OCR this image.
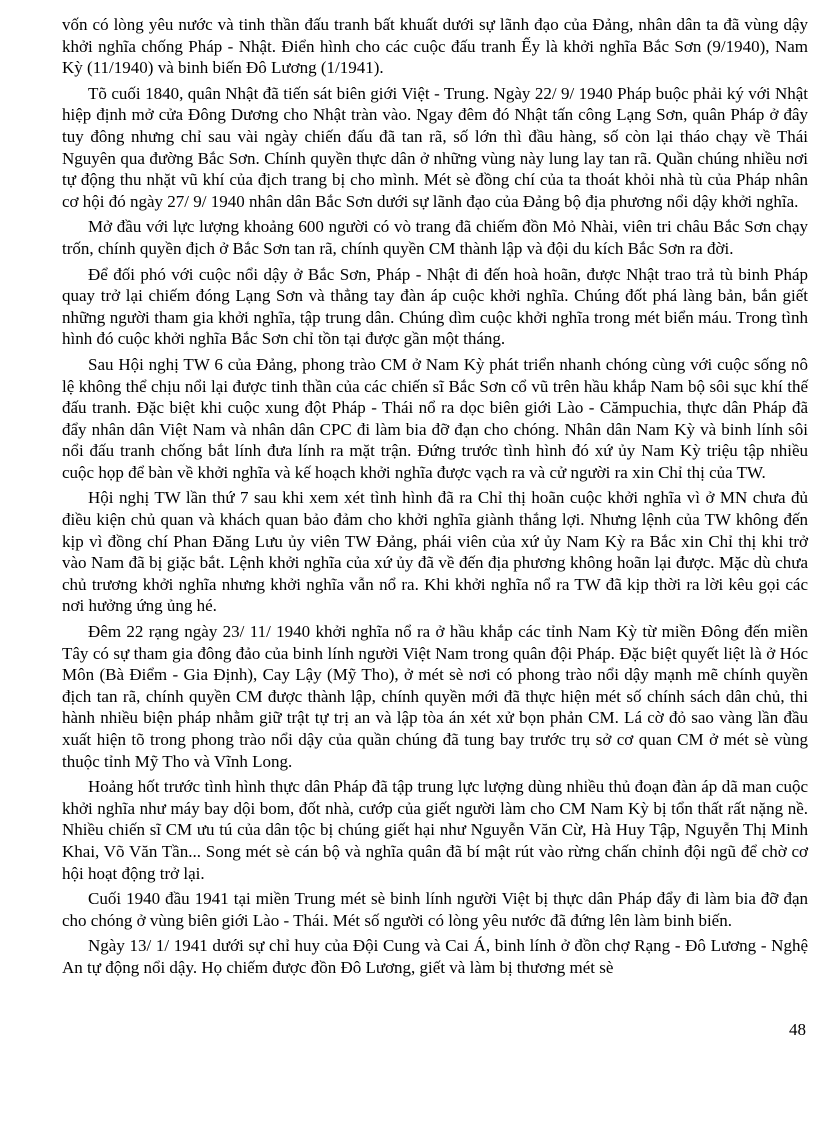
vốn có lòng yêu nước và tinh thần đấu tranh bất khuất dưới sự lãnh đạo của Đảng, nhân dân ta đã vùng dậy khởi nghĩa chống Pháp - Nhật. Điển hình cho các cuộc đấu tranh Ếy là khởi nghĩa Bắc Sơn (9/1940), Nam Kỳ (11/1940) và binh biến Đô Lương (1/1941).

Tõ cuối 1840, quân Nhật đã tiến sát biên giới Việt - Trung. Ngày 22/ 9/ 1940 Pháp buộc phải ký với Nhật hiệp định mở cửa Đông Dương cho Nhật tràn vào. Ngay đêm đó Nhật tấn công Lạng Sơn, quân Pháp ở đây tuy đông nhưng chỉ sau vài ngày chiến đấu đã tan rã, số lớn thì đầu hàng, số còn lại tháo chạy về Thái Nguyên qua đường Bắc Sơn. Chính quyền thực dân ở những vùng này lung lay tan rã. Quần chúng nhiều nơi tự động thu nhặt vũ khí của địch trang bị cho mình. Mét sè đồng chí của ta thoát khỏi nhà tù của Pháp nhân cơ hội đó ngày 27/ 9/ 1940 nhân dân Bắc Sơn dưới sự lãnh đạo của Đảng bộ địa phương nổi dậy khởi nghĩa.

Mở đầu với lực lượng khoảng 600 người có vò trang đã chiếm đồn Mỏ Nhài, viên tri châu Bắc Sơn chạy trốn, chính quyền địch ở Bắc Sơn tan rã, chính quyền CM thành lập và đội du kích Bắc Sơn ra đời.

Để đối phó với cuộc nổi dậy ở Bắc Sơn, Pháp - Nhật đi đến hoà hoãn, được Nhật trao trả tù binh Pháp quay trở lại chiếm đóng Lạng Sơn và thẳng tay đàn áp cuộc khởi nghĩa. Chúng đốt phá làng bản, bắn giết những người tham gia khởi nghĩa, tập trung dân. Chúng dìm cuộc khởi nghĩa trong mét biển máu. Trong tình hình đó cuộc khởi nghĩa Bắc Sơn chỉ tồn tại được gần một tháng.

Sau Hội nghị TW 6 của Đảng, phong trào CM ở Nam Kỳ phát triển nhanh chóng cùng với cuộc sống nô lệ không thể chịu nổi lại được tinh thần của các chiến sĩ Bắc Sơn cổ vũ trên hầu khắp Nam bộ sôi sục khí thế đấu tranh. Đặc biệt khi cuộc xung đột Pháp - Thái nổ ra dọc biên giới Lào - Cămpuchia, thực dân Pháp đã đẩy nhân dân Việt Nam và nhân dân CPC đi làm bia đỡ đạn cho chóng. Nhân dân Nam Kỳ và binh lính sôi nổi đấu tranh chống bắt lính đưa lính ra mặt trận. Đứng trước tình hình đó xứ ủy Nam Kỳ triệu tập nhiều cuộc họp để bàn về khởi nghĩa và kế hoạch khởi nghĩa được vạch ra và cử người ra xin Chỉ thị của TW.

Hội nghị TW lần thứ 7 sau khi xem xét tình hình đã ra Chỉ thị hoãn cuộc khởi nghĩa vì ở MN chưa đủ điều kiện chủ quan và khách quan bảo đảm cho khởi nghĩa giành thắng lợi. Nhưng lệnh của TW không đến kịp vì đồng chí Phan Đăng Lưu ủy viên TW Đảng, phái viên của xứ ủy Nam Kỳ ra Bắc xin Chỉ thị khi trở vào Nam đã bị giặc bắt. Lệnh khởi nghĩa của xứ ủy đã về đến địa phương không hoãn lại được. Mặc dù chưa chủ trương khởi nghĩa nhưng khởi nghĩa vẫn nổ ra. Khi khởi nghĩa nổ ra TW đã kịp thời ra lời kêu gọi các nơi hưởng ứng ủng hé.

Đêm 22 rạng ngày 23/ 11/ 1940 khởi nghĩa nổ ra ở hầu khắp các tỉnh Nam Kỳ từ miền Đông đến miền Tây có sự tham gia đông đảo của binh lính người Việt Nam trong quân đội Pháp. Đặc biệt quyết liệt là ở Hóc Môn (Bà Điểm - Gia Định), Cay Lậy (Mỹ Tho), ở mét sè nơi có phong trào nổi dậy mạnh mẽ chính quyền địch tan rã, chính quyền CM được thành lập, chính quyền mới đã thực hiện mét số chính sách dân chủ, thi hành nhiều biện pháp nhằm giữ trật tự trị an và lập tòa án xét xử bọn phản CM. Lá cờ đỏ sao vàng lần đầu xuất hiện tõ trong phong trào nổi dậy của quần chúng đã tung bay trước trụ sở cơ quan CM ở mét sè vùng thuộc tỉnh Mỹ Tho và Vĩnh Long.

Hoảng hốt trước tình hình thực dân Pháp đã tập trung lực lượng dùng nhiều thủ đoạn đàn áp dã man cuộc khởi nghĩa như máy bay dội bom, đốt nhà, cướp của giết người làm cho CM Nam Kỳ bị tổn thất rất nặng nề. Nhiều chiến sĩ CM ưu tú của dân tộc bị chúng giết hại như Nguyễn Văn Cừ, Hà Huy Tập, Nguyễn Thị Minh Khai, Võ Văn Tần... Song mét sè cán bộ và nghĩa quân đã bí mật rút vào rừng chấn chỉnh đội ngũ để chờ cơ hội hoạt động trở lại.

Cuối 1940 đầu 1941 tại miền Trung mét sè binh lính người Việt bị thực dân Pháp đẩy đi làm bia đỡ đạn cho chóng ở vùng biên giới Lào - Thái. Mét số người có lòng yêu nước đã đứng lên làm binh biến.

Ngày 13/ 1/ 1941 dưới sự chỉ huy của Đội Cung và Cai Á, binh lính ở đồn chợ Rạng - Đô Lương - Nghệ An tự động nổi dậy. Họ chiếm được đồn Đô Lương, giết và làm bị thương mét sè

48
